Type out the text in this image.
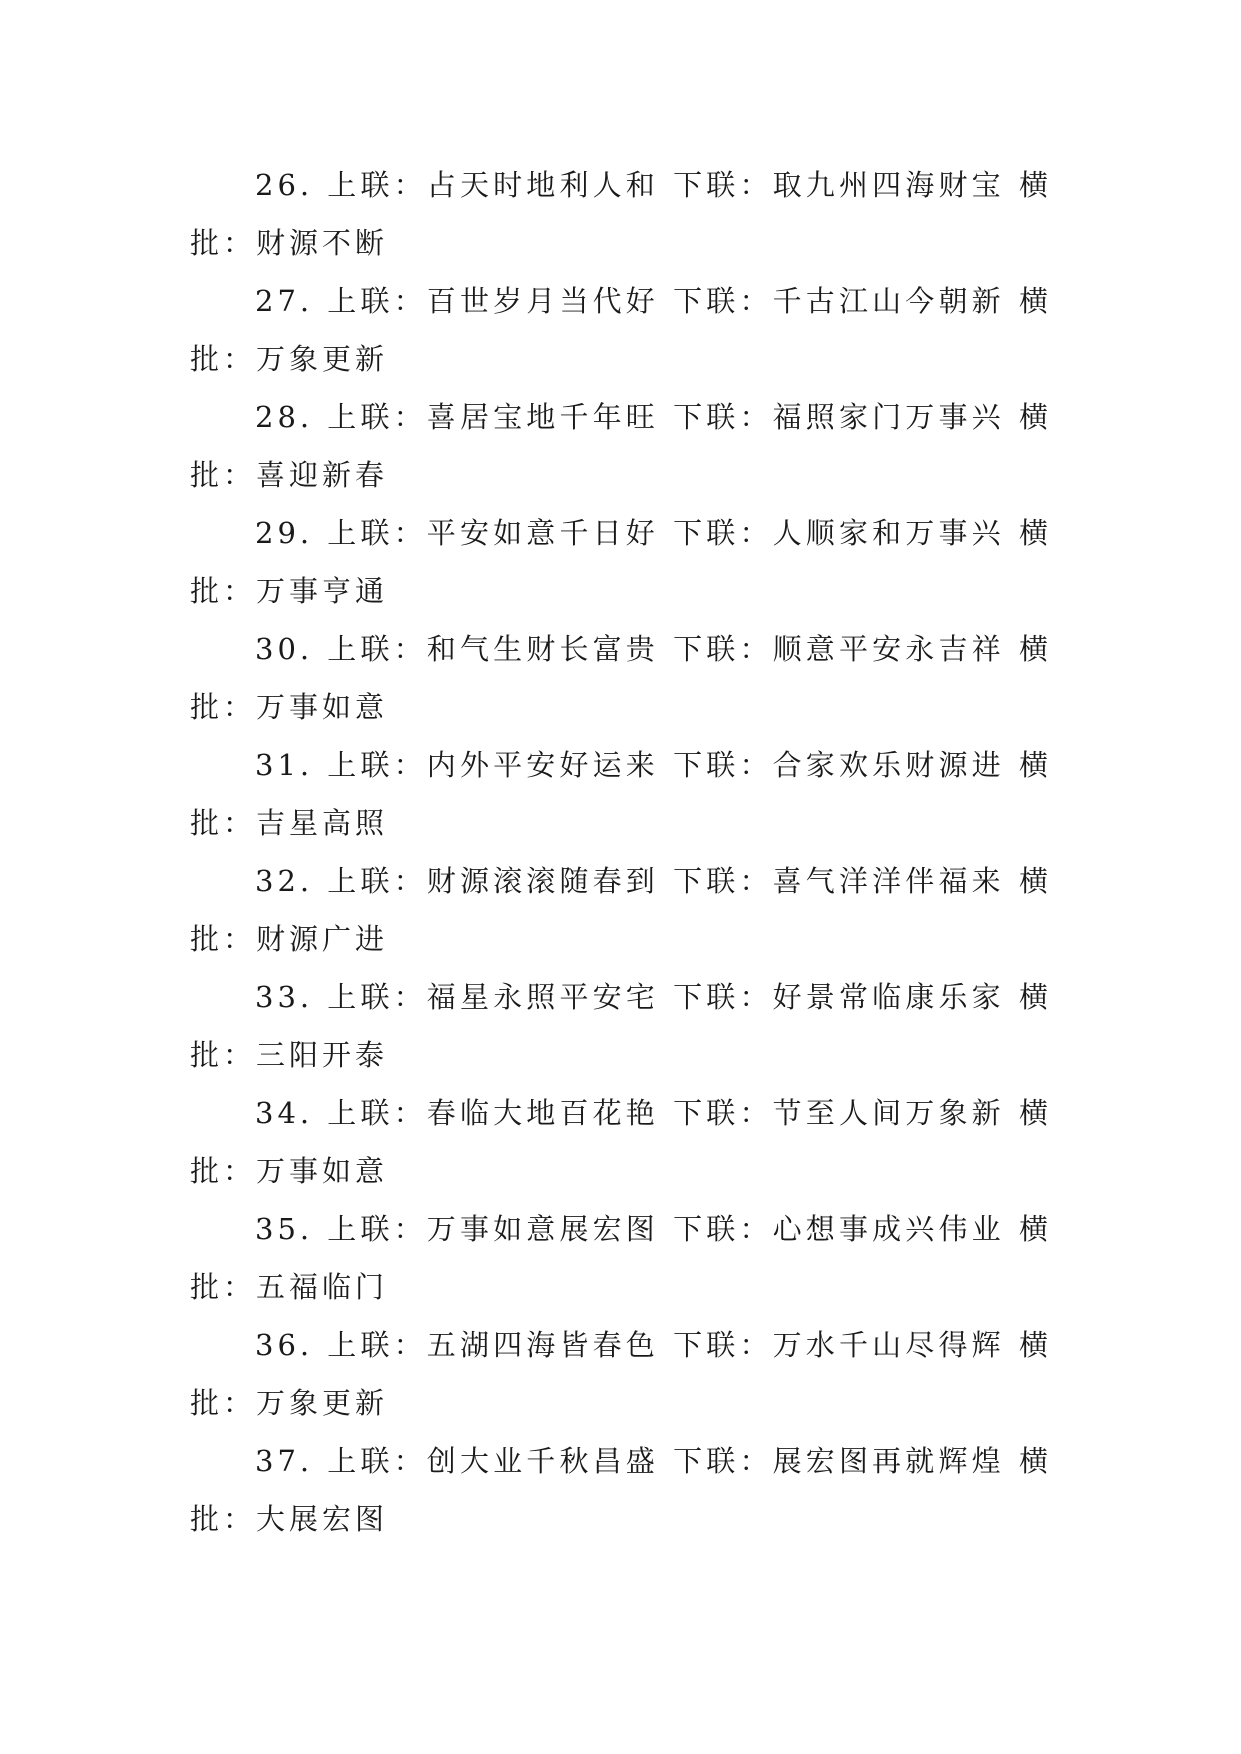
26. 上联：占天时地利人和 下联：取九州四海财宝 横批：财源不断

27. 上联：百世岁月当代好 下联：千古江山今朝新 横批：万象更新

28. 上联：喜居宝地千年旺 下联：福照家门万事兴 横批：喜迎新春

29. 上联：平安如意千日好 下联：人顺家和万事兴 横批：万事亨通

30. 上联：和气生财长富贵 下联：顺意平安永吉祥 横批：万事如意

31. 上联：内外平安好运来 下联：合家欢乐财源进 横批：吉星高照

32. 上联：财源滚滚随春到 下联：喜气洋洋伴福来 横批：财源广进

33. 上联：福星永照平安宅 下联：好景常临康乐家 横批：三阳开泰

34. 上联：春临大地百花艳 下联：节至人间万象新 横批：万事如意

35. 上联：万事如意展宏图 下联：心想事成兴伟业 横批：五福临门

36. 上联：五湖四海皆春色 下联：万水千山尽得辉 横批：万象更新

37. 上联：创大业千秋昌盛 下联：展宏图再就辉煌 横批：大展宏图
